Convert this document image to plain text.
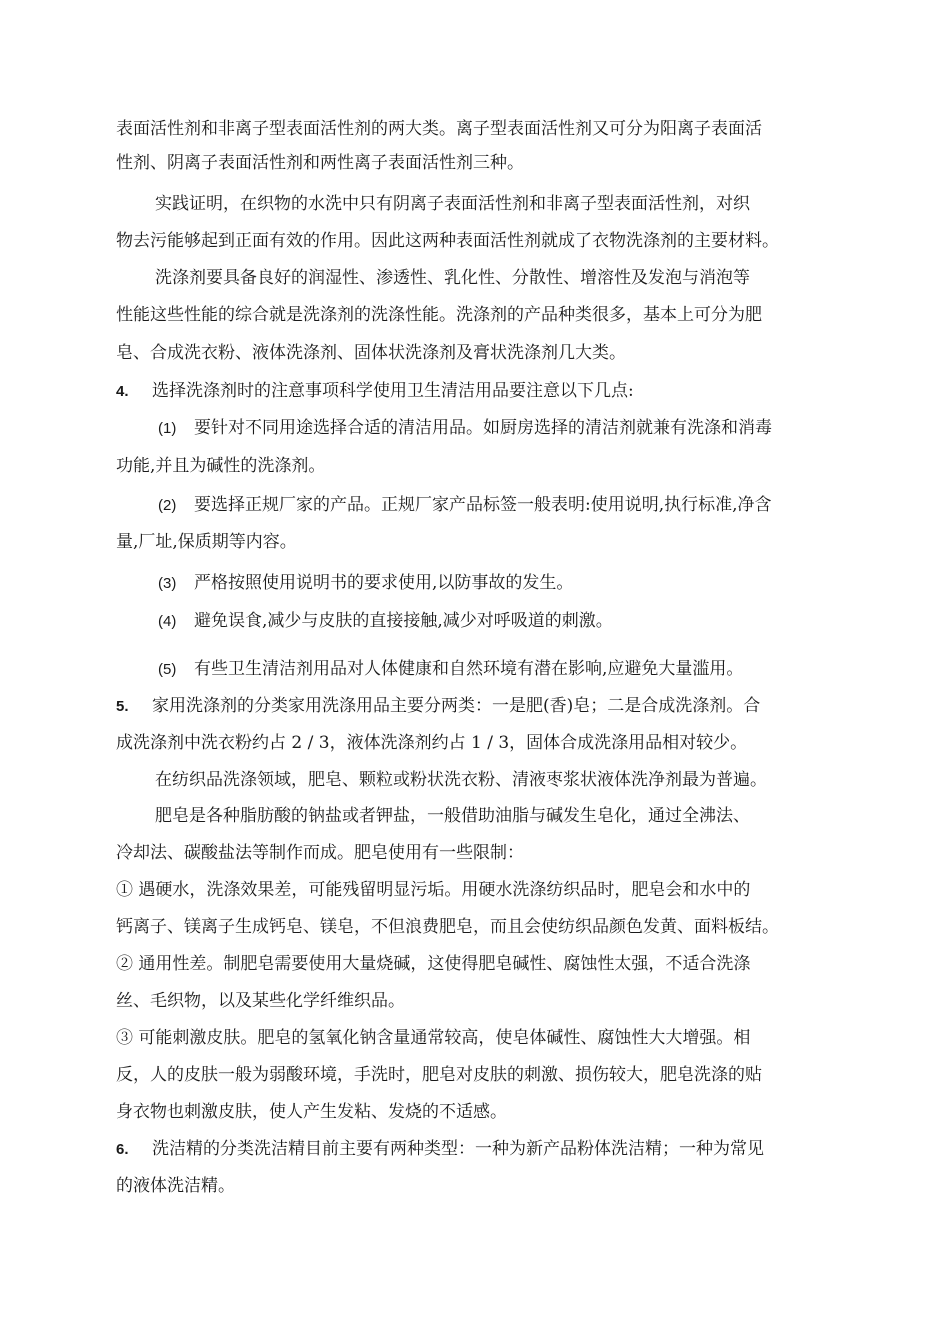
表面活性剂和非离子型表面活性剂的两大类。离子型表面活性剂又可分为阳离子表面活
性剂、阴离子表面活性剂和两性离子表面活性剂三种。
实践证明，在织物的水洗中只有阴离子表面活性剂和非离子型表面活性剂，对织
物去污能够起到正面有效的作用。因此这两种表面活性剂就成了衣物洗涤剂的主要材料。
洗涤剂要具备良好的润湿性、渗透性、乳化性、分散性、增溶性及发泡与消泡等
性能这些性能的综合就是洗涤剂的洗涤性能。洗涤剂的产品种类很多，基本上可分为肥
皂、合成洗衣粉、液体洗涤剂、固体状洗涤剂及膏状洗涤剂几大类。
4. 选择洗涤剂时的注意事项科学使用卫生清洁用品要注意以下几点:
(1) 要针对不同用途选择合适的清洁用品。如厨房选择的清洁剂就兼有洗涤和消毒
功能,并且为碱性的洗涤剂。
(2) 要选择正规厂家的产品。正规厂家产品标签一般表明:使用说明,执行标准,净含
量,厂址,保质期等内容。
(3) 严格按照使用说明书的要求使用,以防事故的发生。
(4) 避免误食,减少与皮肤的直接接触,减少对呼吸道的刺激。
(5) 有些卫生清洁剂用品对人体健康和自然环境有潜在影响,应避免大量滥用。
5. 家用洗涤剂的分类家用洗涤用品主要分两类：一是肥(香)皂；二是合成洗涤剂。合
成洗涤剂中洗衣粉约占 2 / 3，液体洗涤剂约占 1 / 3，固体合成洗涤用品相对较少。
在纺织品洗涤领域，肥皂、颗粒或粉状洗衣粉、清液枣浆状液体洗净剂最为普遍。
肥皂是各种脂肪酸的钠盐或者钾盐，一般借助油脂与碱发生皂化，通过全沸法、
冷却法、碳酸盐法等制作而成。肥皂使用有一些限制：
① 遇硬水，洗涤效果差，可能残留明显污垢。用硬水洗涤纺织品时，肥皂会和水中的
钙离子、镁离子生成钙皂、镁皂，不但浪费肥皂，而且会使纺织品颜色发黄、面料板结。
② 通用性差。制肥皂需要使用大量烧碱，这使得肥皂碱性、腐蚀性太强，不适合洗涤
丝、毛织物，以及某些化学纤维织品。
③ 可能刺激皮肤。肥皂的氢氧化钠含量通常较高，使皂体碱性、腐蚀性大大增强。相
反，人的皮肤一般为弱酸环境，手洗时，肥皂对皮肤的刺激、损伤较大，肥皂洗涤的贴
身衣物也刺激皮肤，使人产生发粘、发烧的不适感。
6. 洗洁精的分类洗洁精目前主要有两种类型：一种为新产品粉体洗洁精；一种为常见
的液体洗洁精。
